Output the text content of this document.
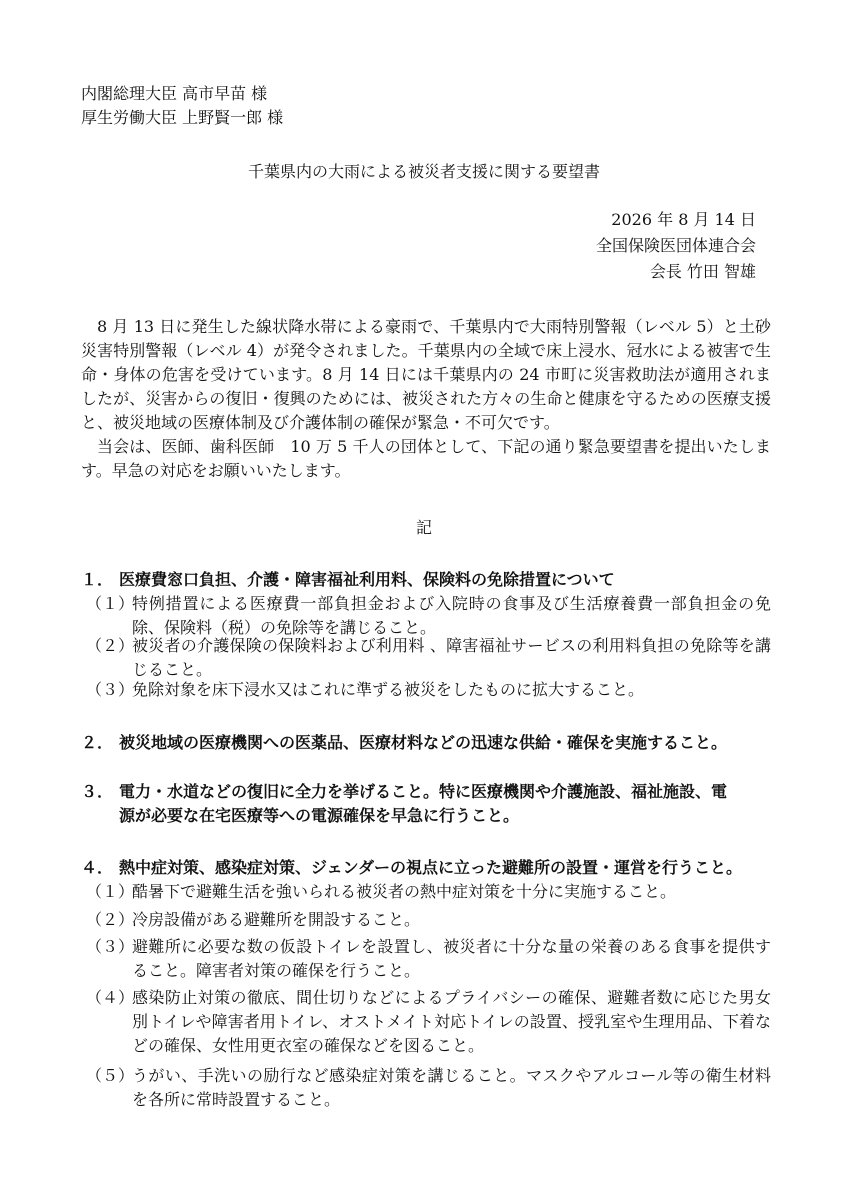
内閣総理大臣 高市早苗 様
厚生労働大臣 上野賢一郎 様
千葉県内の大雨による被災者支援に関する要望書
2026 年 8 月 14 日
全国保険医団体連合会
会長 竹田 智雄

8 月 13 日に発生した線状降水帯による豪雨で、千葉県内で大雨特別警報（レベル 5）と土砂災害特別警報（レベル 4）が発令されました。千葉県内の全域で床上浸水、冠水による被害で生命・身体の危害を受けています。8 月 14 日には千葉県内の 24 市町に災害救助法が適用されましたが、災害からの復旧・復興のためには、被災された方々の生命と健康を守るための医療支援と、被災地域の医療体制及び介護体制の確保が緊急・不可欠です。

当会は、医師、歯科医師　10 万 5 千人の団体として、下記の通り緊急要望書を提出いたします。早急の対応をお願いいたします。

記
１． 医療費窓口負担、介護・障害福祉利用料、保険料の免除措置について
（１）
特例措置による医療費一部負担金および入院時の食事及び生活療養費一部負担金の免除、保険料（税）の免除等を講じること。
（２）
被災者の介護保険の保険料および利用料 、障害福祉サービスの利用料負担の免除等を講じること。
（３）
免除対象を床下浸水又はこれに準ずる被災をしたものに拡大すること。
２． 被災地域の医療機関への医薬品、医療材料などの迅速な供給・確保を実施すること。
３． 電力・水道などの復旧に全力を挙げること。特に医療機関や介護施設、福祉施設、電
源が必要な在宅医療等への電源確保を早急に行うこと。
４． 熱中症対策、感染症対策、ジェンダーの視点に立った避難所の設置・運営を行うこと。
（１）
酷暑下で避難生活を強いられる被災者の熱中症対策を十分に実施すること。
（２）
冷房設備がある避難所を開設すること。
（３）
避難所に必要な数の仮設トイレを設置し、被災者に十分な量の栄養のある食事を提供すること。障害者対策の確保を行うこと。
（４）
感染防止対策の徹底、間仕切りなどによるプライバシーの確保、避難者数に応じた男女別トイレや障害者用トイレ、オストメイト対応トイレの設置、授乳室や生理用品、下着などの確保、女性用更衣室の確保などを図ること。
（５）
うがい、手洗いの励行など感染症対策を講じること。マスクやアルコール等の衛生材料を各所に常時設置すること。
